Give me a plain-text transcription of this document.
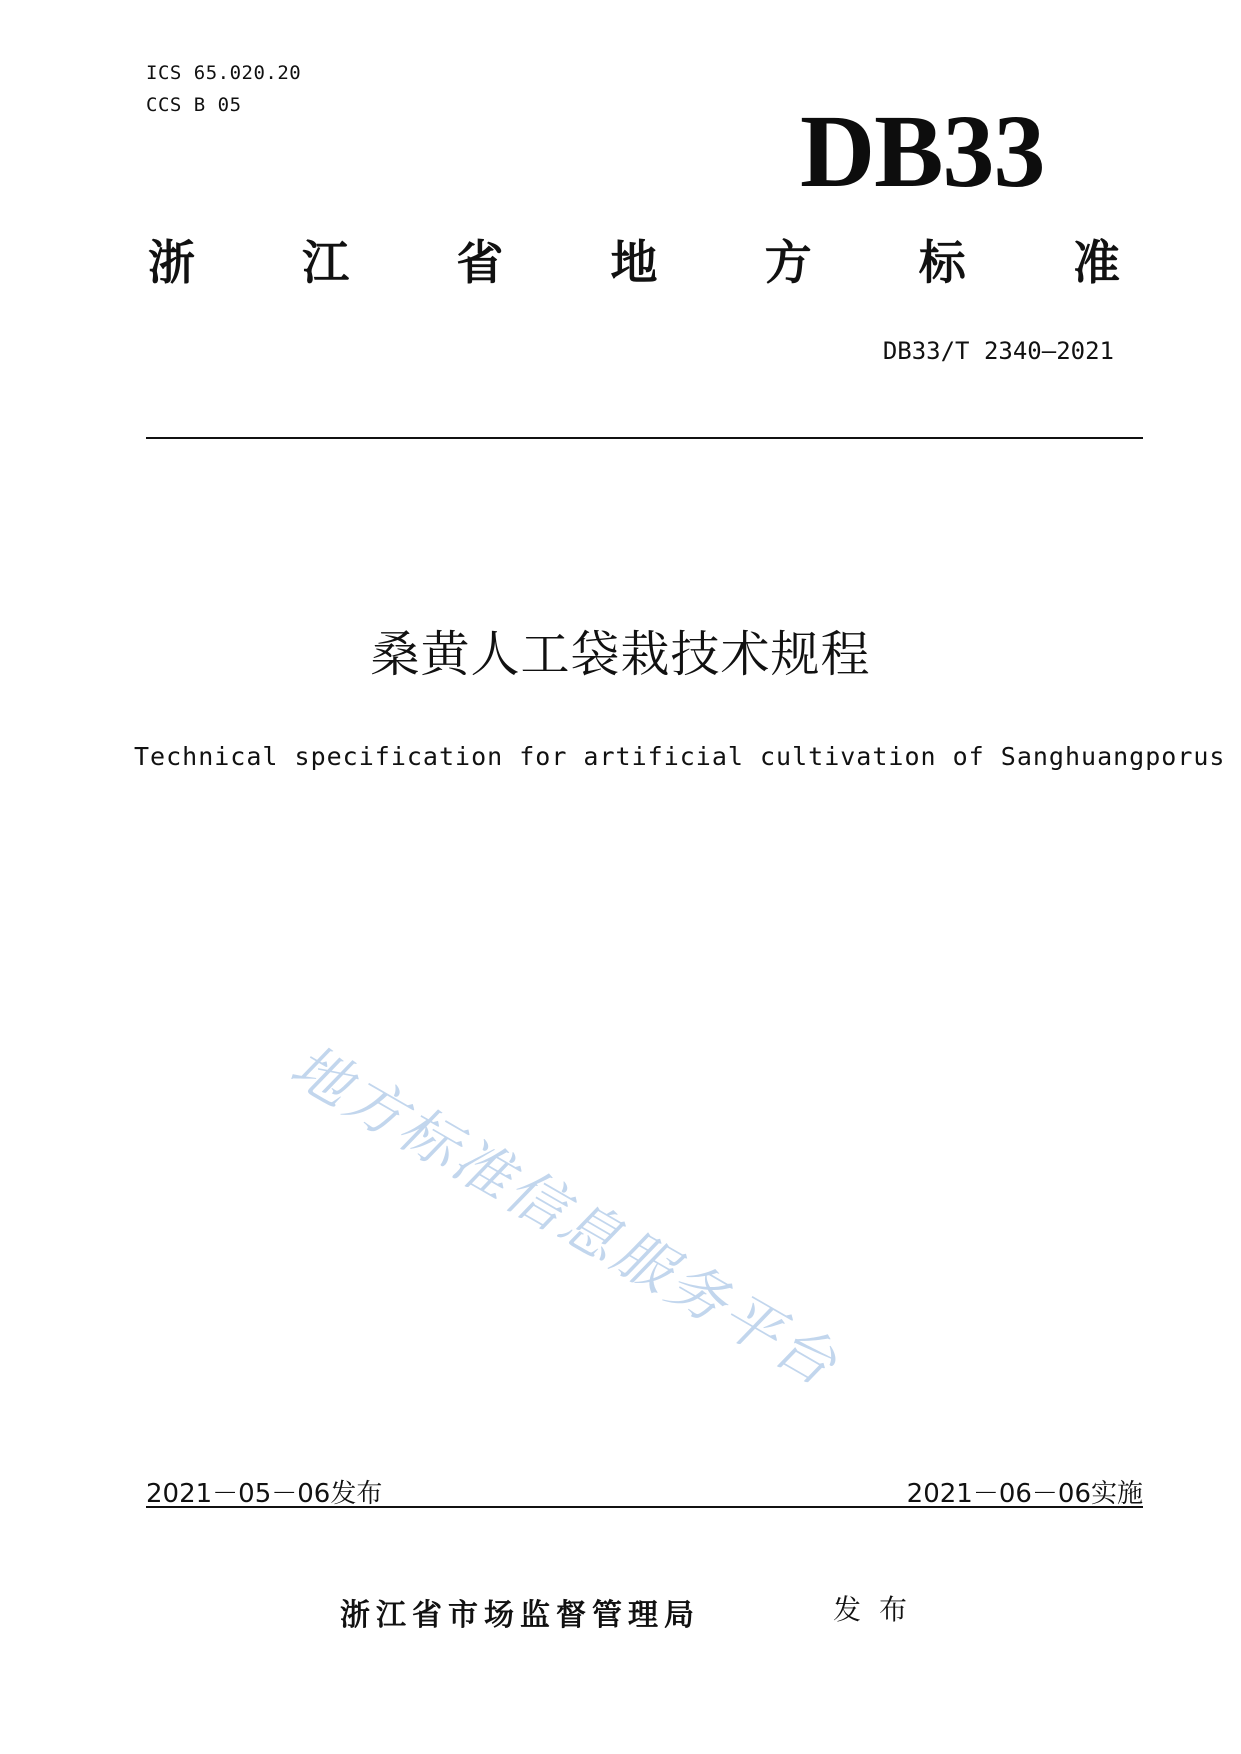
ICS 65.020.20
CCS B 05	DB33
浙 江 省 地 方 标 准
DB33/T 2340—2021
桑黄人工袋栽技术规程
Technical specification for artificial cultivation of Sanghuangporus
地方标准信息服务平台
2021－05－06发布	2021－06－06实施
浙江省市场监督管理局	发布
